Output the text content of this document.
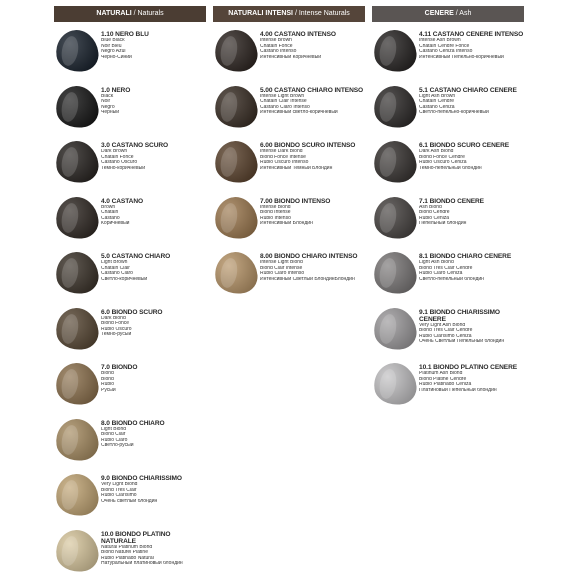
NATURALI / Naturals
1.10 NERO BLU
Blue Black
Noir Bleu
Negro Azul
Чёрно-Синий
1.0 NERO
Black
Noir
Negro
Чёрный
3.0 CASTANO SCURO
Dark Brown
Châtain Foncé
Castaño Oscuro
Темно-коричневый
4.0 CASTANO
Brown
Châtain
Castaño
Коричневый
5.0 CASTANO CHIARO
Light Brown
Châtain Clair
Castaño Claro
Светло-коричневый
6.0 BIONDO SCURO
Dark Blond
Blond Foncé
Rubio Oscuro
Темно-русый
7.0 BIONDO
Blond
Blond
Rubio
Русый
8.0 BIONDO CHIARO
Light Blond
Blond Clair
Rubio Claro
Светло-русый
9.0 BIONDO CHIARISSIMO
Very Light Blond
Blond Très Clair
Rubio Clarísimo
Очень светлый блондин
10.0 BIONDO PLATINO NATURALE
Natural Platinum Blond
Blond Naturel Platine
Rubio Platinado Natural
Натуральный платиновый блондин
NATURALI INTENSI / Intense Naturals
4.00 CASTANO INTENSO
Intense Brown
Châtain Foncé
Castaño Intenso
Интенсивный Коричневый
5.00 CASTANO CHIARO INTENSO
Intense Light Brown
Châtain Clair Intense
Castaño Claro Intenso
Интенсивный светло-коричневый
6.00 BIONDO SCURO INTENSO
Intense Dark Blond
Blond Foncé Intense
Rubio Oscuro Intenso
Интенсивный Темный Блондин
7.00 BIONDO INTENSO
Intense Blond
Blond Intense
Rubio Intenso
Интенсивный Блондин
8.00 BIONDO CHIARO INTENSO
Intense Light Blond
Blond Clair Intense
Rubio Claro Intenso
Интенсивный Светлый БлондинБлондин
CENERE / Ash
4.11 CASTANO CENERE INTENSO
Intense Ash Brown
Châtain Cendré Foncé
Castaño Ceniza Intenso
Интенсивный Пепельно-коричневый
5.1 CASTANO CHIARO CENERE
Light Ash Brown
Châtain Cendré
Castaño Ceniza
Светло-пепельно-коричневый
6.1 BIONDO SCURO CENERE
Dark Ash Blond
Blond Foncé Cendré
Rubio Oscuro Ceniza
Темно-пепельный блондин
7.1 BIONDO CENERE
Ash Blond
Blond Cendré
Rubio Ceniza
Пепельный блондин
8.1 BIONDO CHIARO CENERE
Light Ash Blond
Blond Très Clair Cendré
Rubio Claro Ceniza
Светло-пепельный блондин
9.1 BIONDO CHIARISSIMO CENERE
Very Light Ash Blond
Blond Très Clair Cendré
Rubio Clarísimo Ceniza
Очень Светлый Пепельный блондин
10.1 BIONDO PLATINO CENERE
Platinum Ash Blond
Blond Platine Cendré
Rubio Platinado Ceniza
Платиновый Пепельный блондин
